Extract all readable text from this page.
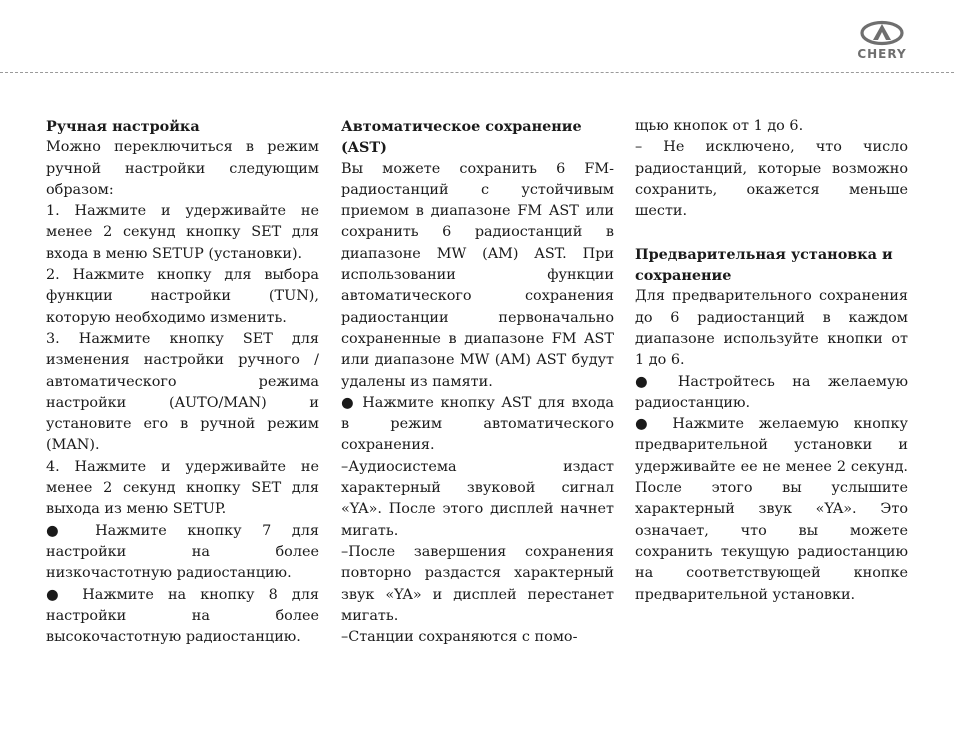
CHERY
Ручная настройка

Можно переключиться в режим ручной настройки следующим образом:

1. Нажмите и удерживайте не менее 2 секунд кнопку SET для входа в меню SETUP (установки).

2. Нажмите кнопку для выбора функции настройки (TUN), которую необходимо изменить.

3. Нажмите кнопку SET для изменения настройки ручного / автоматического режима настройки (AUTO/MAN) и установите его в ручной режим (MAN).

4. Нажмите и удерживайте не менее 2 секунд кнопку SET для выхода из меню SETUP.

● Нажмите кнопку 7 для настройки на более низкочастотную радиостанцию.

● Нажмите на кнопку 8 для настройки на более высокочастотную радиостанцию.

Автоматическое сохранение (AST)

Вы можете сохранить 6 FM-радиостанций с устойчивым приемом в диапазоне FM AST или сохранить 6 радиостанций в диапазоне MW (AM) AST. При использовании функции автоматического сохранения радиостанции первоначально сохраненные в диапазоне FM AST или диапазоне MW (AM) AST будут удалены из памяти.

● Нажмите кнопку AST для входа в режим автоматического сохранения.

–Аудиосистема издаст характерный звуковой сигнал «YA». После этого дисплей начнет мигать.

–После завершения сохранения повторно раздастся характерный звук «YA» и дисплей перестанет мигать.

–Станции сохраняются с помо-

щью кнопок от 1 до 6.

– Не исключено, что число радиостанций, которые возможно сохранить, окажется меньше шести.

Предварительная установка и сохранение

Для предварительного сохранения до 6 радиостанций в каждом диапазоне используйте кнопки от 1 до 6.

● Настройтесь на желаемую радиостанцию.

● Нажмите желаемую кнопку предварительной установки и удерживайте ее не менее 2 секунд. После этого вы услышите характерный звук «YA». Это означает, что вы можете сохранить текущую радиостанцию на соответствующей кнопке предварительной установки.
